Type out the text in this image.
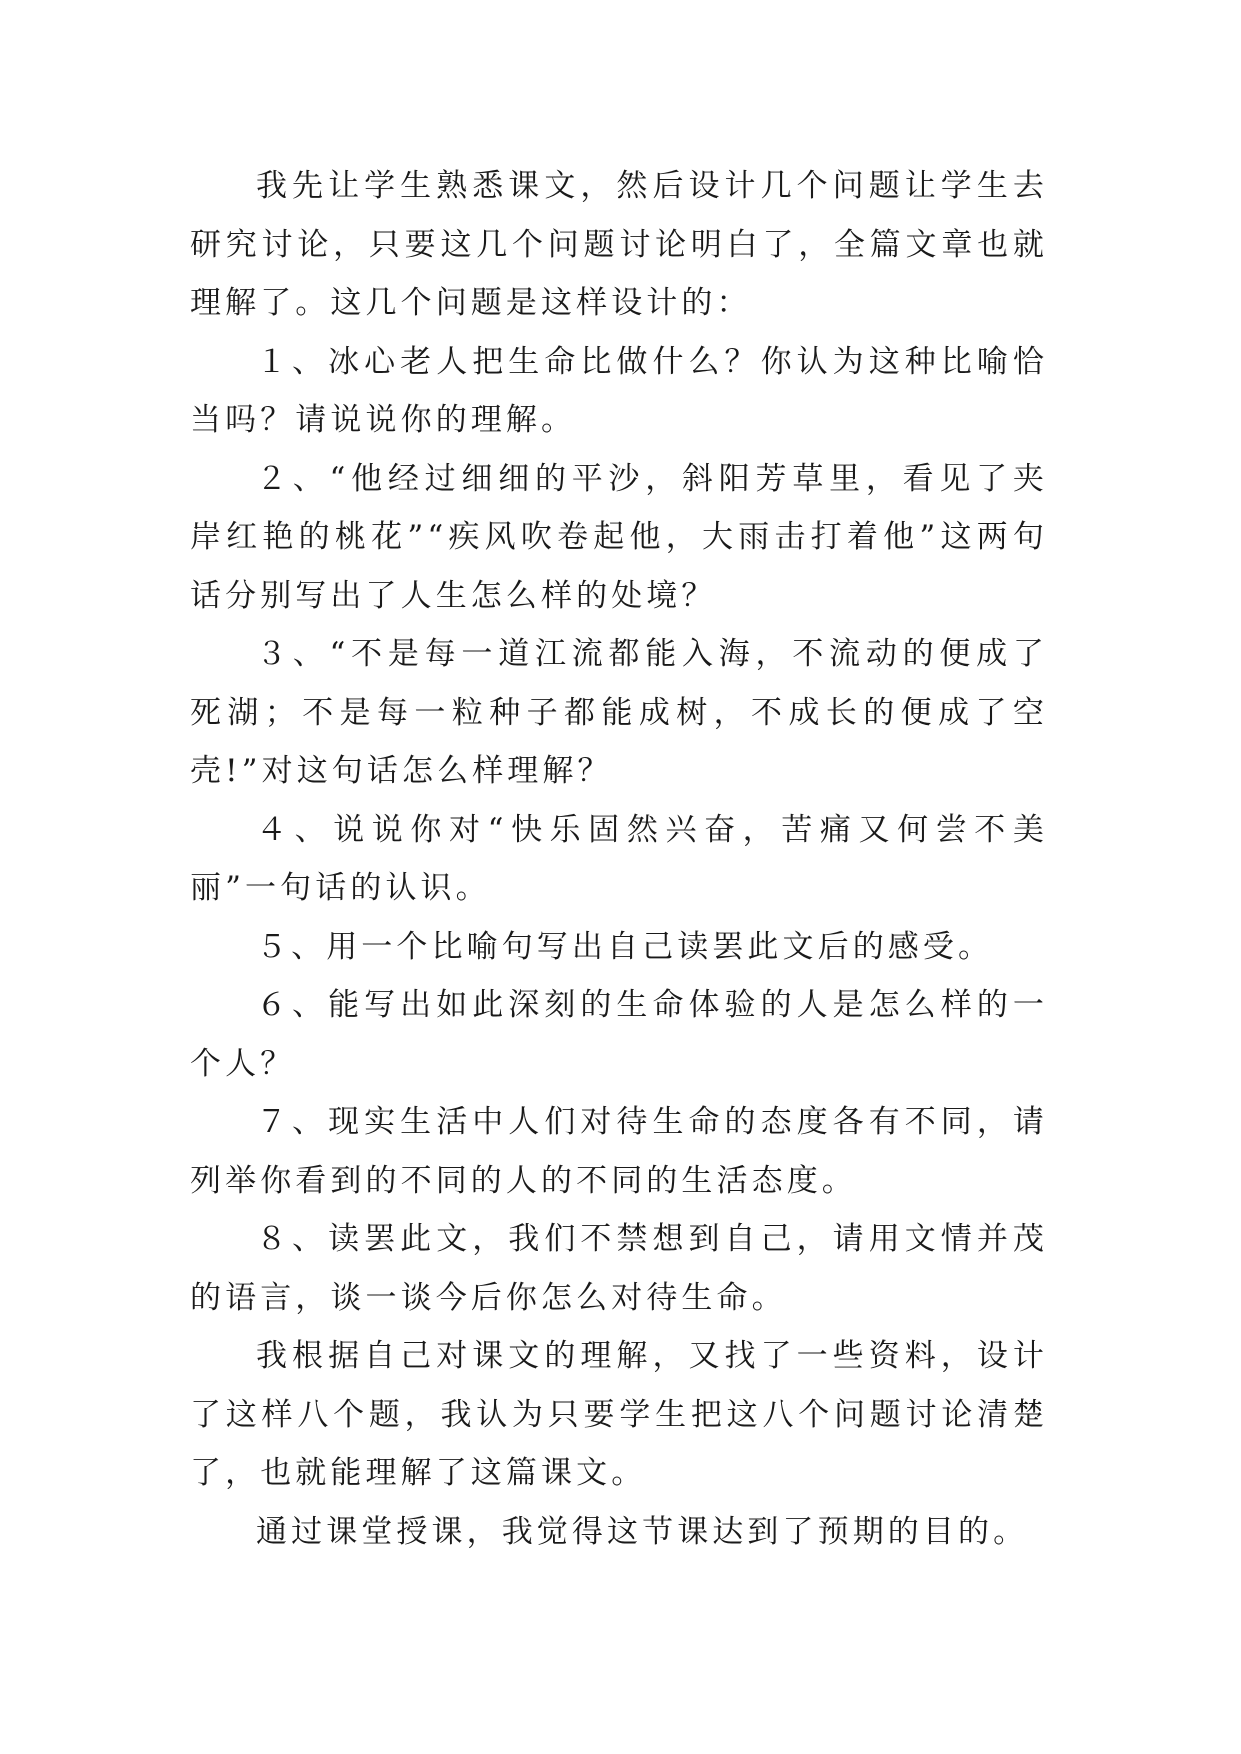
我先让学生熟悉课文，然后设计几个问题让学生去研究讨论，只要这几个问题讨论明白了，全篇文章也就理解了。这几个问题是这样设计的：

１、冰心老人把生命比做什么？你认为这种比喻恰当吗？请说说你的理解。

２、“他经过细细的平沙，斜阳芳草里，看见了夹岸红艳的桃花”“疾风吹卷起他，大雨击打着他”这两句话分别写出了人生怎么样的处境？

３、“不是每一道江流都能入海，不流动的便成了死湖；不是每一粒种子都能成树，不成长的便成了空壳!”对这句话怎么样理解？

４、说说你对“快乐固然兴奋，苦痛又何尝不美丽”一句话的认识。

５、用一个比喻句写出自己读罢此文后的感受。

６、能写出如此深刻的生命体验的人是怎么样的一个人？

７、现实生活中人们对待生命的态度各有不同，请列举你看到的不同的人的不同的生活态度。

８、读罢此文，我们不禁想到自己，请用文情并茂的语言，谈一谈今后你怎么对待生命。

我根据自己对课文的理解，又找了一些资料，设计了这样八个题，我认为只要学生把这八个问题讨论清楚了，也就能理解了这篇课文。

通过课堂授课，我觉得这节课达到了预期的目的。
